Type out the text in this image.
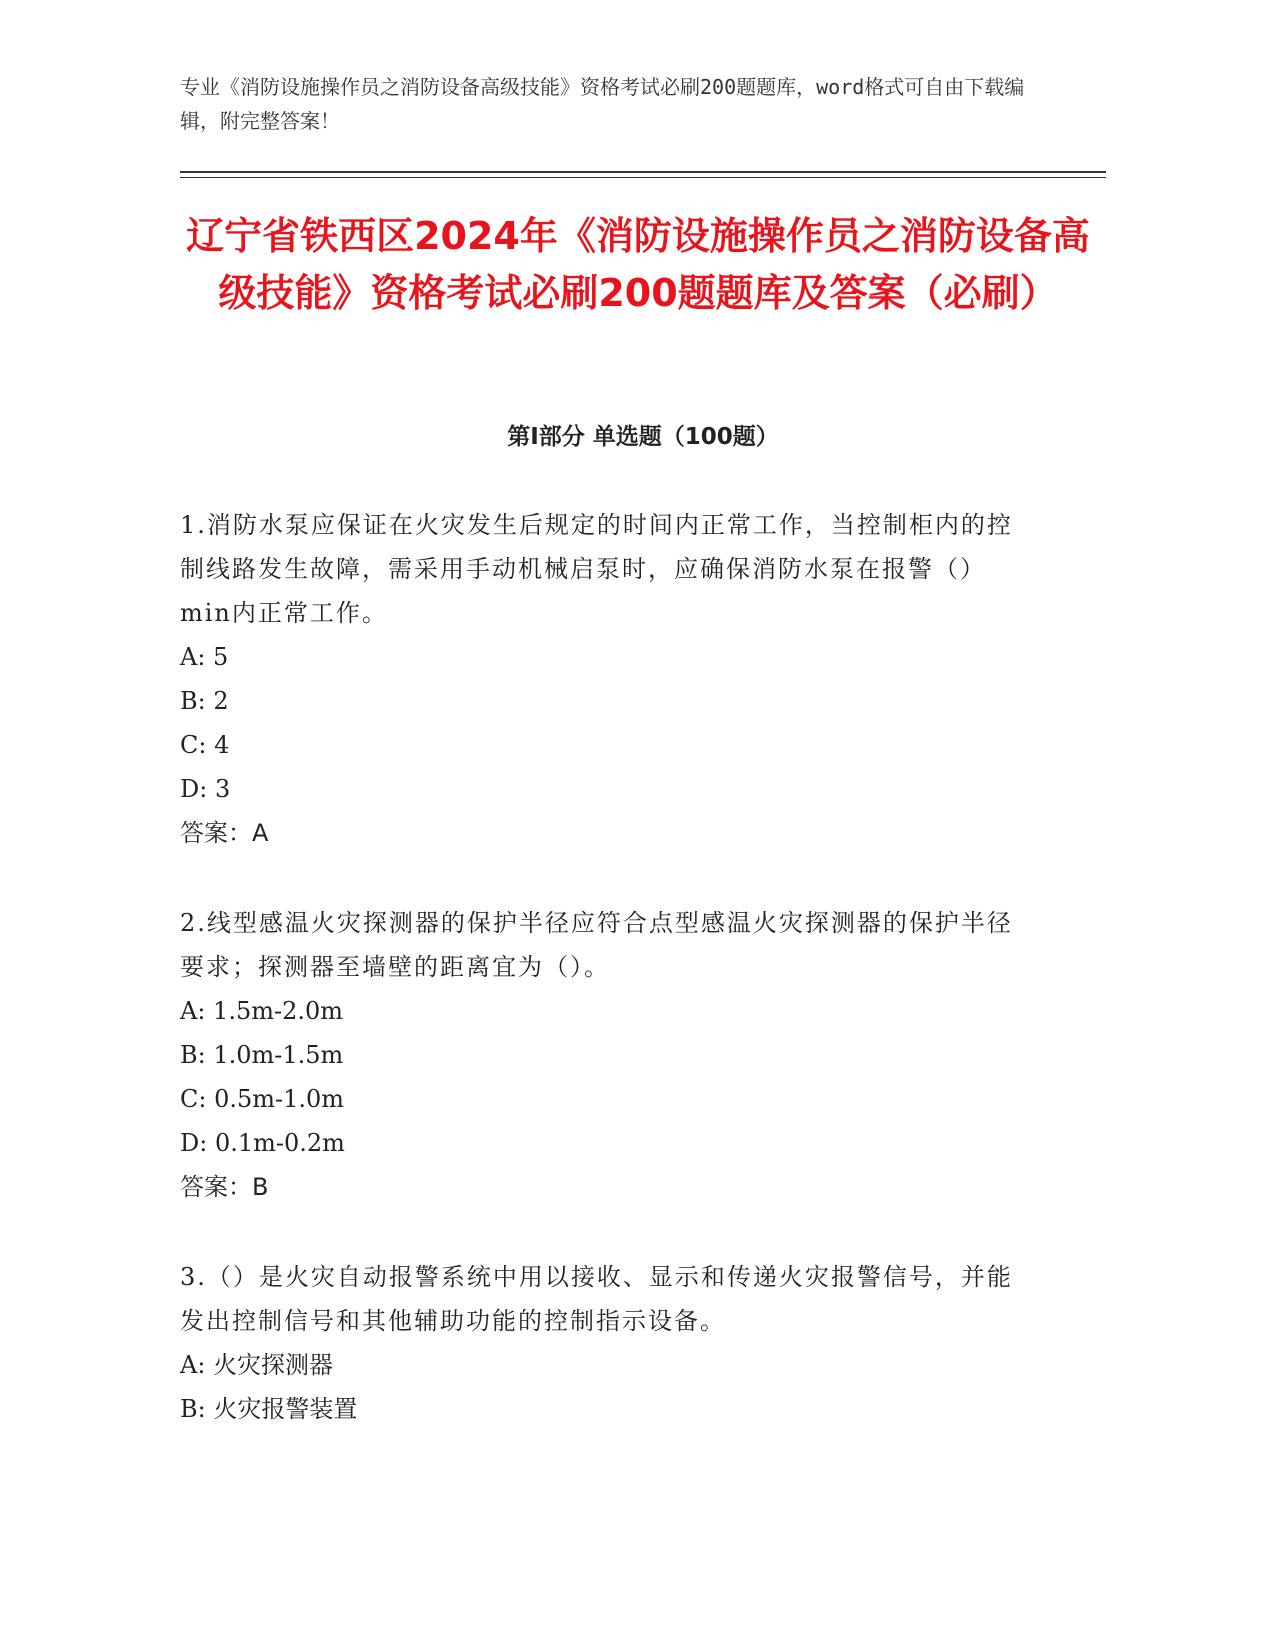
专业《消防设施操作员之消防设备高级技能》资格考试必刷200题题库，word格式可自由下载编辑，附完整答案！

辽宁省铁西区2024年《消防设施操作员之消防设备高级技能》资格考试必刷200题题库及答案（必刷）
第I部分 单选题（100题）

1.消防水泵应保证在火灾发生后规定的时间内正常工作，当控制柜内的控制线路发生故障，需采用手动机械启泵时，应确保消防水泵在报警（）min内正常工作。

A: 5

B: 2

C: 4

D: 3

答案：A

2.线型感温火灾探测器的保护半径应符合点型感温火灾探测器的保护半径要求；探测器至墙壁的距离宜为（）。

A: 1.5m-2.0m

B: 1.0m-1.5m

C: 0.5m-1.0m

D: 0.1m-0.2m

答案：B

3.（）是火灾自动报警系统中用以接收、显示和传递火灾报警信号，并能发出控制信号和其他辅助功能的控制指示设备。

A: 火灾探测器

B: 火灾报警装置
